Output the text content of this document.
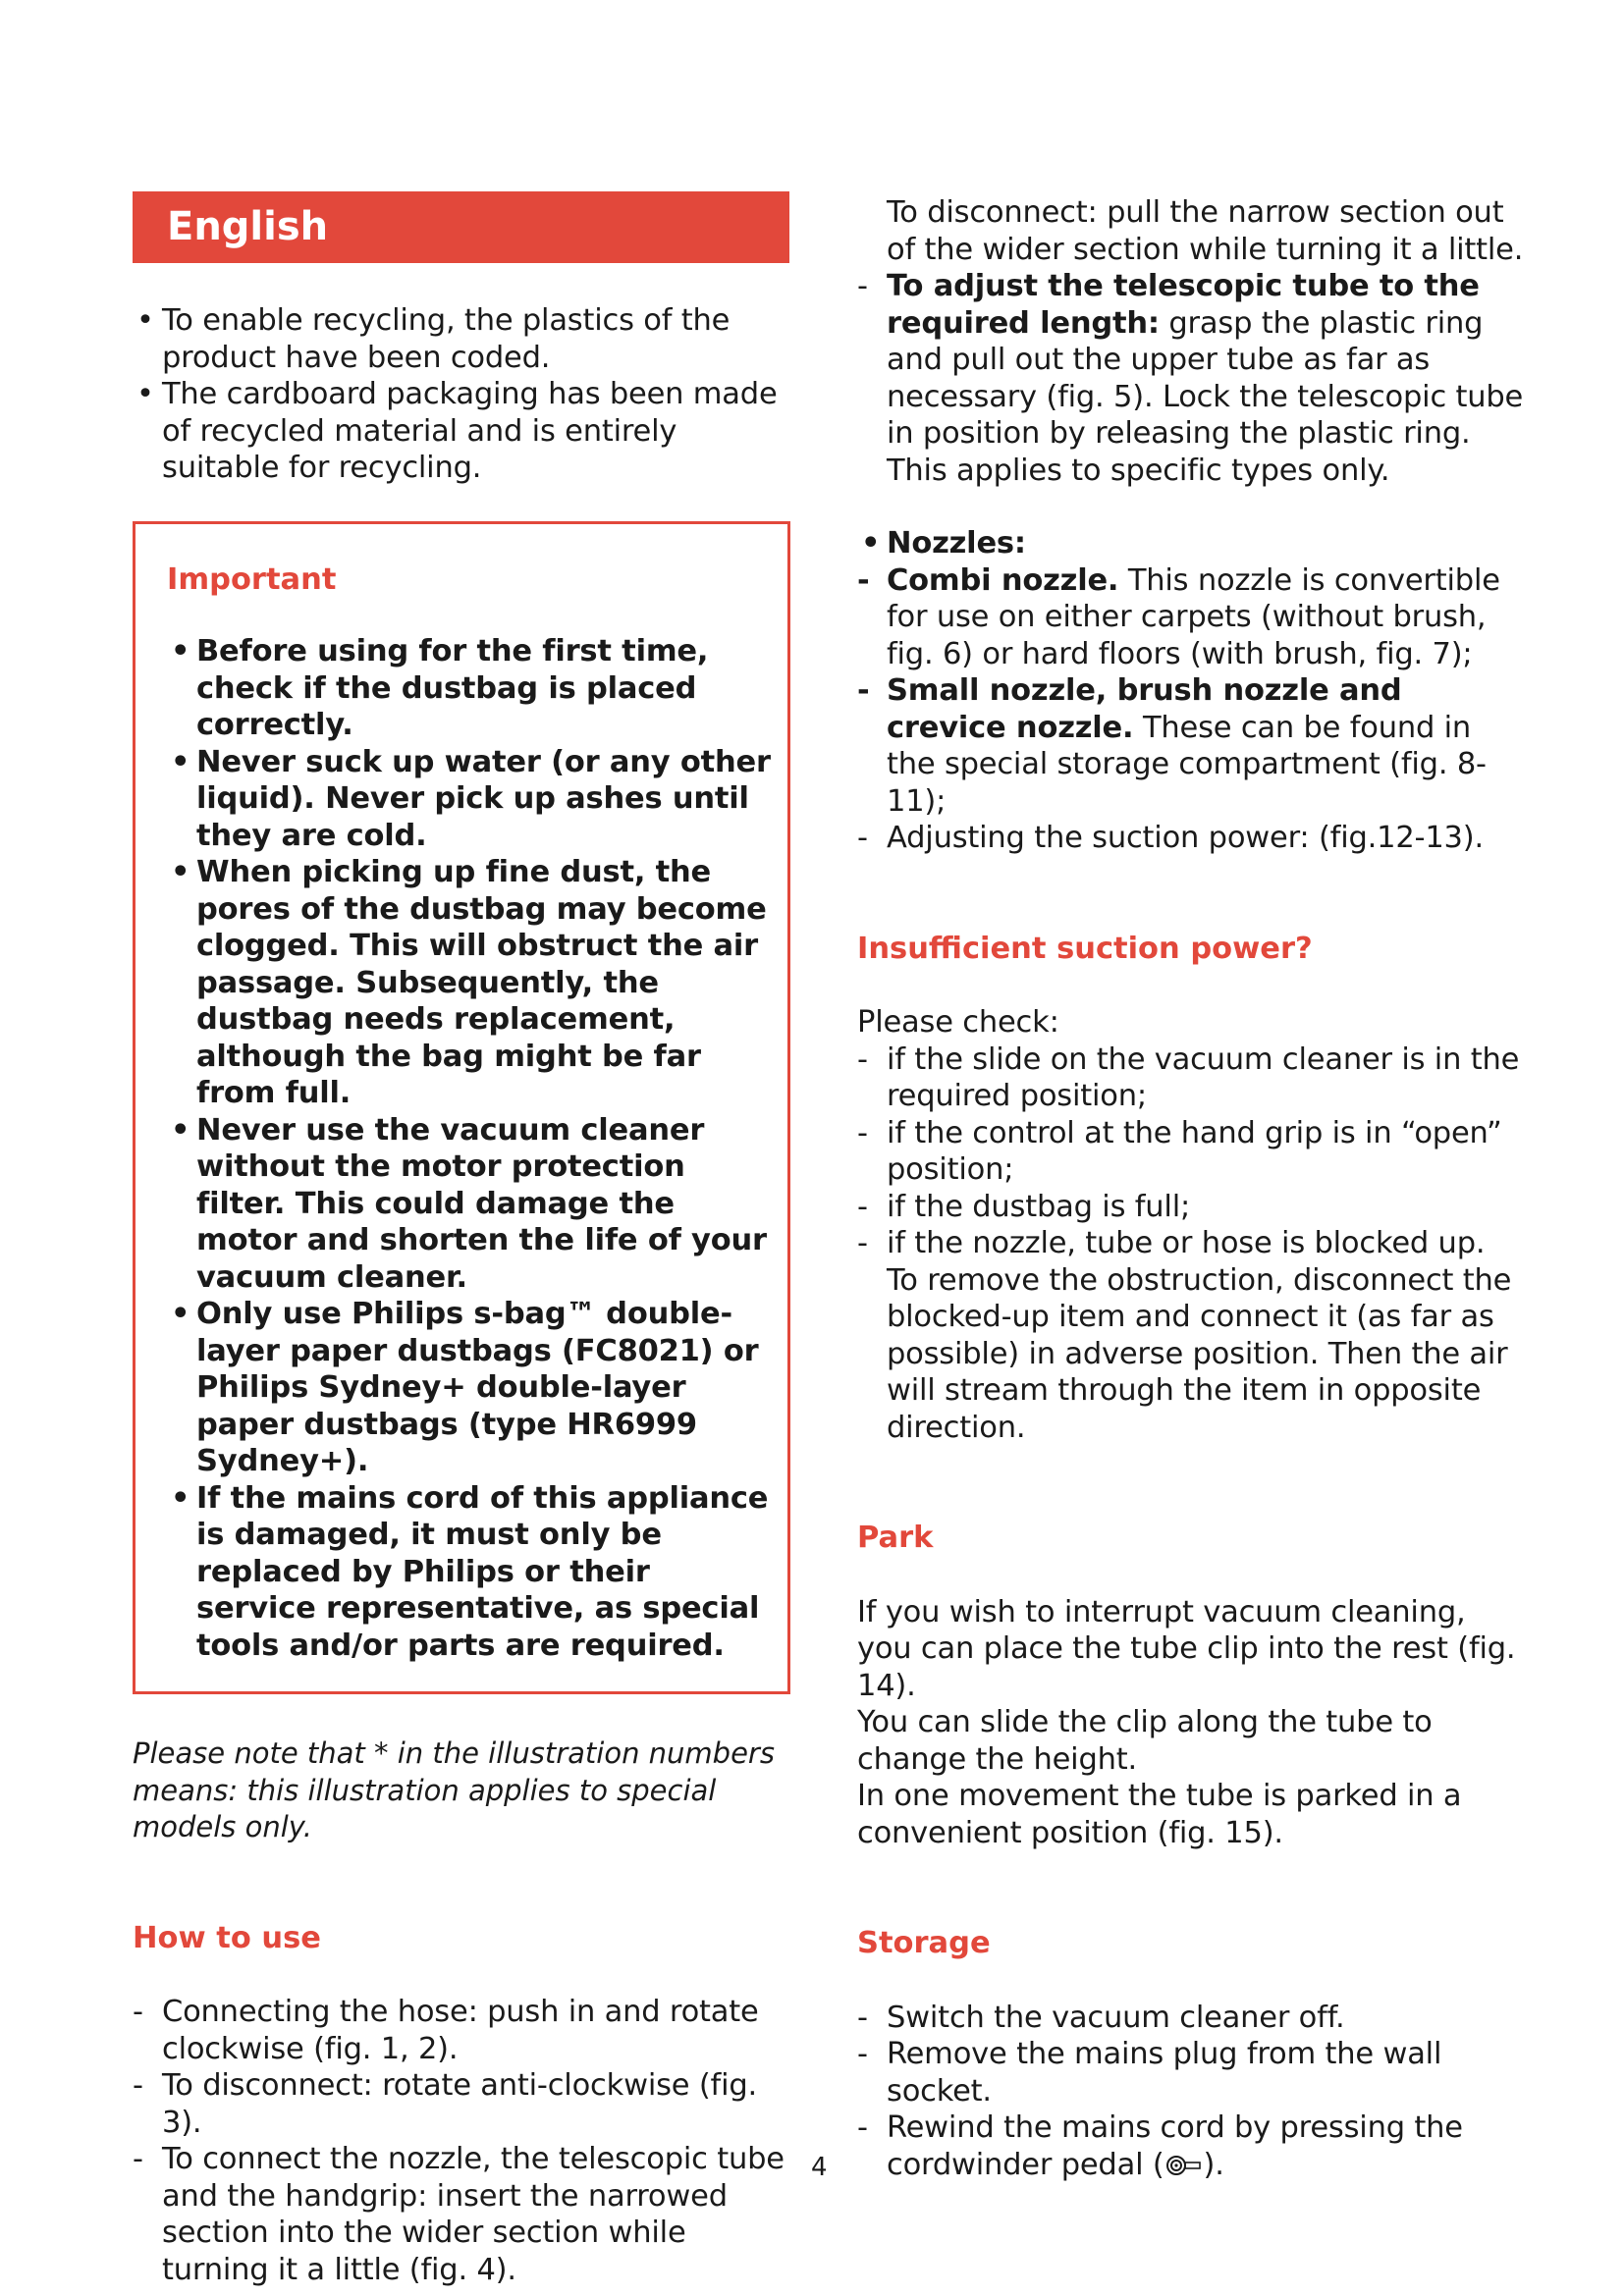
English
• To enable recycling, the plastics of the product have been coded.
• The cardboard packaging has been made of recycled material and is entirely suitable for recycling.
Important
• Before using for the first time, check if the dustbag is placed correctly.
• Never suck up water (or any other liquid). Never pick up ashes until they are cold.
• When picking up fine dust, the pores of the dustbag may become clogged. This will obstruct the air passage. Subsequently, the dustbag needs replacement, although the bag might be far from full.
• Never use the vacuum cleaner without the motor protection filter. This could damage the motor and shorten the life of your vacuum cleaner.
• Only use Philips s-bag™ double-layer paper dustbags (FC8021) or Philips Sydney+ double-layer paper dustbags (type HR6999 Sydney+).
• If the mains cord of this appliance is damaged, it must only be replaced by Philips or their service representative, as special tools and/or parts are required.
Please note that * in the illustration numbers means: this illustration applies to special models only.
How to use
- Connecting the hose: push in and rotate clockwise (fig. 1, 2).
- To disconnect: rotate anti-clockwise (fig. 3).
- To connect the nozzle, the telescopic tube and the handgrip: insert the narrowed section into the wider section while turning it a little (fig. 4).
To disconnect: pull the narrow section out of the wider section while turning it a little.
- To adjust the telescopic tube to the required length: grasp the plastic ring and pull out the upper tube as far as necessary (fig. 5). Lock the telescopic tube in position by releasing the plastic ring. This applies to specific types only.
• Nozzles:
- Combi nozzle. This nozzle is convertible for use on either carpets (without brush, fig. 6) or hard floors (with brush, fig. 7);
- Small nozzle, brush nozzle and crevice nozzle. These can be found in the special storage compartment (fig. 8-11);
- Adjusting the suction power: (fig.12-13).
Insufficient suction power?
Please check:
- if the slide on the vacuum cleaner is in the required position;
- if the control at the hand grip is in “open” position;
- if the dustbag is full;
- if the nozzle, tube or hose is blocked up. To remove the obstruction, disconnect the blocked-up item and connect it (as far as possible) in adverse position. Then the air will stream through the item in opposite direction.
Park
If you wish to interrupt vacuum cleaning, you can place the tube clip into the rest (fig. 14).
You can slide the clip along the tube to change the height.
In one movement the tube is parked in a convenient position (fig. 15).
Storage
- Switch the vacuum cleaner off.
- Remove the mains plug from the wall socket.
- Rewind the mains cord by pressing the cordwinder pedal ( ).
4
